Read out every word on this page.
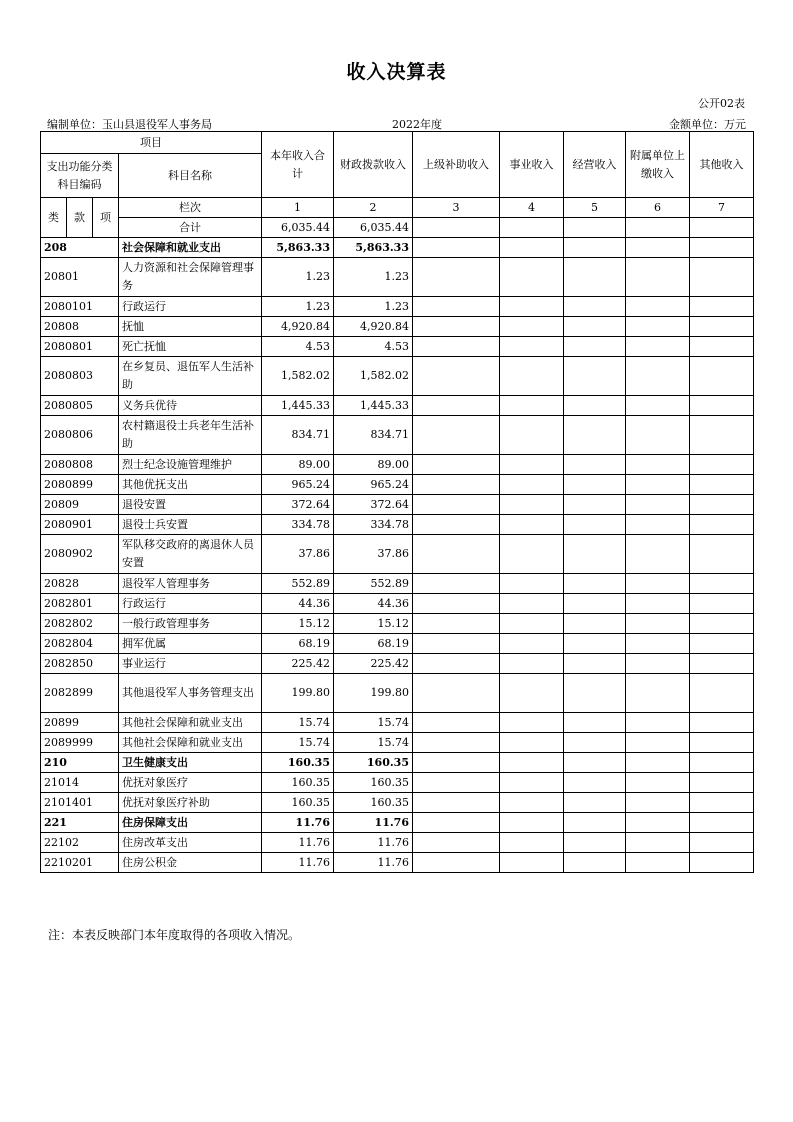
收入决算表
公开02表
编制单位：玉山县退役军人事务局	2022年度	金额单位：万元
项目				本年收入合计	财政拨款收入	上级补助收入	事业收入	经营收入	附属单位上缴收入	其他收入
支出功能分类科目编码			科目名称							
类	款	项	栏次	1	2	3	4	5	6	7
			合计	6,035.44	6,035.44					
208			社会保障和就业支出	5,863.33	5,863.33					
20801			人力资源和社会保障管理事务	1.23	1.23					
2080101			行政运行	1.23	1.23					
20808			抚恤	4,920.84	4,920.84					
2080801			死亡抚恤	4.53	4.53					
2080803			在乡复员、退伍军人生活补助	1,582.02	1,582.02					
2080805			义务兵优待	1,445.33	1,445.33					
2080806			农村籍退役士兵老年生活补助	834.71	834.71					
2080808			烈士纪念设施管理维护	89.00	89.00					
2080899			其他优抚支出	965.24	965.24					
20809			退役安置	372.64	372.64					
2080901			退役士兵安置	334.78	334.78					
2080902			军队移交政府的离退休人员安置	37.86	37.86					
20828			退役军人管理事务	552.89	552.89					
2082801			行政运行	44.36	44.36					
2082802			一般行政管理事务	15.12	15.12					
2082804			拥军优属	68.19	68.19					
2082850			事业运行	225.42	225.42					
2082899			其他退役军人事务管理支出	199.80	199.80					
20899			其他社会保障和就业支出	15.74	15.74					
2089999			其他社会保障和就业支出	15.74	15.74					
210			卫生健康支出	160.35	160.35					
21014			优抚对象医疗	160.35	160.35					
2101401			优抚对象医疗补助	160.35	160.35					
221			住房保障支出	11.76	11.76					
22102			住房改革支出	11.76	11.76					
2210201			住房公积金	11.76	11.76					
注：本表反映部门本年度取得的各项收入情况。
